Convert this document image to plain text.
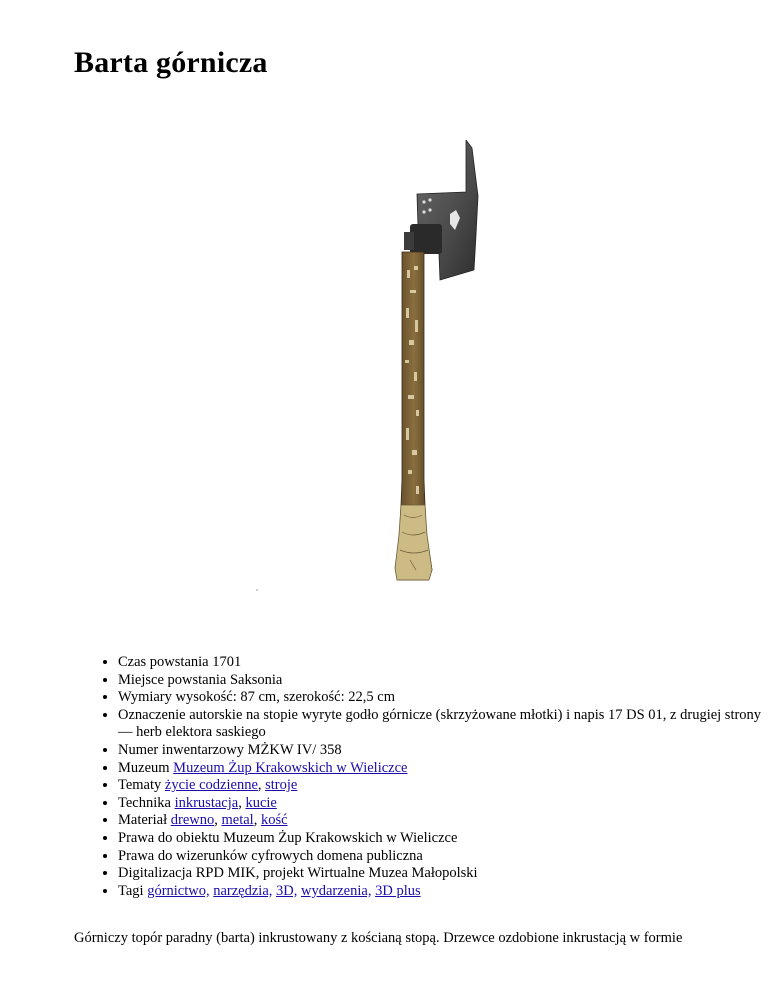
Barta górnicza
• Czas powstania 1701
• Miejsce powstania Saksonia
• Wymiary wysokość: 87 cm, szerokość: 22,5 cm
• Oznaczenie autorskie na stopie wyryte godło górnicze (skrzyżowane młotki) i napis 17 DS 01, z drugiej strony — herb elektora saskiego
• Numer inwentarzowy MŻKW IV/ 358
• Muzeum Muzeum Żup Krakowskich w Wieliczce
• Tematy życie codzienne, stroje
• Technika inkrustacja, kucie
• Materiał drewno, metal, kość
• Prawa do obiektu Muzeum Żup Krakowskich w Wieliczce
• Prawa do wizerunków cyfrowych domena publiczna
• Digitalizacja RPD MIK, projekt Wirtualne Muzea Małopolski
• Tagi górnictwo, narzędzia, 3D, wydarzenia, 3D plus

Górniczy topór paradny (barta) inkrustowany z kościaną stopą. Drzewce ozdobione inkrustacją w formie
